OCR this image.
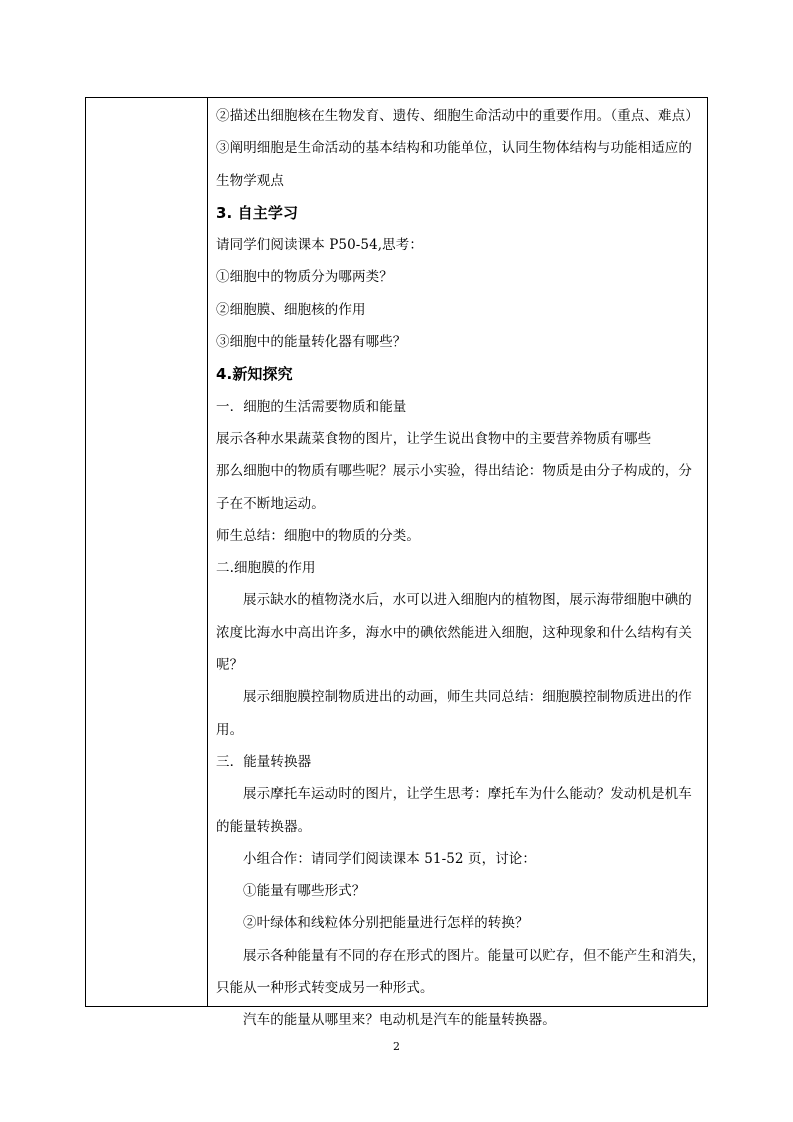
②描述出细胞核在生物发育、遗传、细胞生命活动中的重要作用。（重点、难点）
③阐明细胞是生命活动的基本结构和功能单位，认同生物体结构与功能相适应的
生物学观点
3. 自主学习
请同学们阅读课本 P50-54,思考：
①细胞中的物质分为哪两类？
②细胞膜、细胞核的作用
③细胞中的能量转化器有哪些？
4.新知探究
一．细胞的生活需要物质和能量
展示各种水果蔬菜食物的图片，让学生说出食物中的主要营养物质有哪些
那么细胞中的物质有哪些呢？展示小实验，得出结论：物质是由分子构成的，分
子在不断地运动。
师生总结：细胞中的物质的分类。
二.细胞膜的作用
展示缺水的植物浇水后，水可以进入细胞内的植物图，展示海带细胞中碘的
浓度比海水中高出许多，海水中的碘依然能进入细胞，这种现象和什么结构有关
呢？
展示细胞膜控制物质进出的动画，师生共同总结：细胞膜控制物质进出的作
用。
三．能量转换器
展示摩托车运动时的图片，让学生思考：摩托车为什么能动？发动机是机车
的能量转换器。
小组合作：请同学们阅读课本 51-52 页，讨论：
①能量有哪些形式？
②叶绿体和线粒体分别把能量进行怎样的转换？
展示各种能量有不同的存在形式的图片。能量可以贮存，但不能产生和消失，
只能从一种形式转变成另一种形式。
汽车的能量从哪里来？电动机是汽车的能量转换器。
2
